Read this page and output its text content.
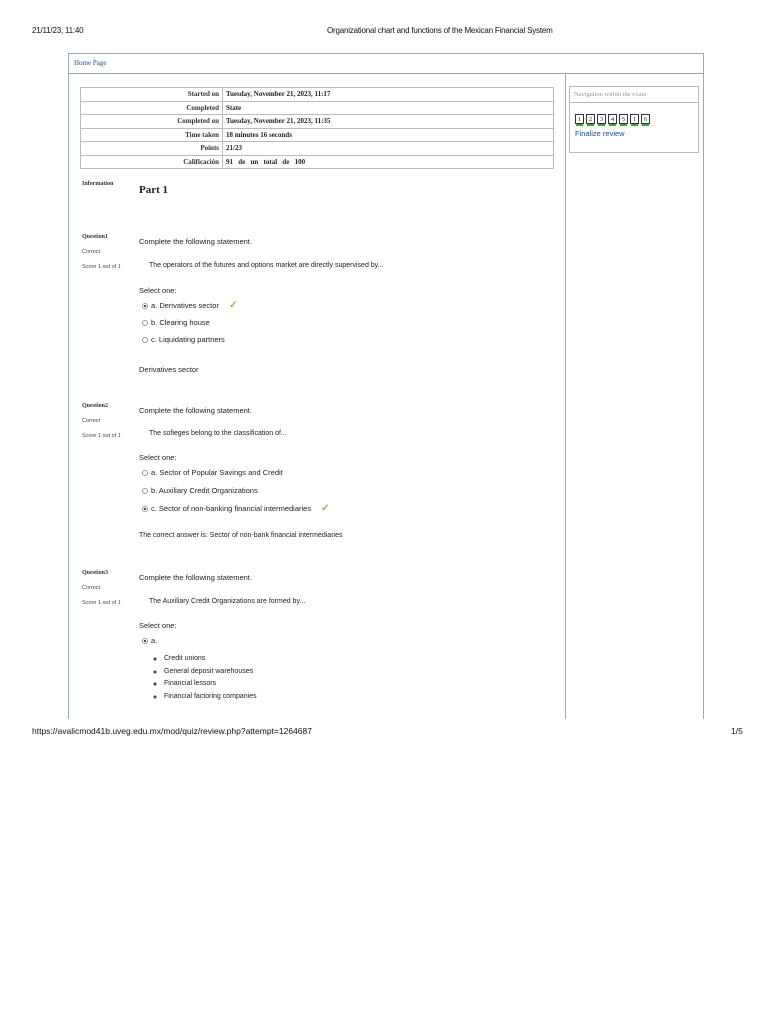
21/11/23, 11:40	Organizational chart and functions of the Mexican Financial System
Home Page
Started on	Tuesday, November 21, 2023, 11:17
Completed	State
Completed on	Tuesday, November 21, 2023, 11:35
Time taken	18 minutes 16 seconds
Points	21/23
Calificación	91   de   un   total   de   100
Navigation within the exam
1	2	3	4	5	1	6
Finalize review
Information Part 1
Question1
Correct
Score 1 out of 1
Complete the following statement.
The operators of the futures and options market are directly supervised by...
Select one:
a. Derivatives sector ✓
b. Clearing house
c. Liquidating partners
Derivatives sector
Question2
Correct
Score 1 out of 1
Complete the following statement.
The sofieges belong to the classification of...
Select one:
a. Sector of Popular Savings and Credit
b. Auxiliary Credit Organizations
c. Sector of non-banking financial intermediaries ✓
The correct answer is: Sector of non-bank financial intermediaries
Question3
Correct
Score 1 out of 1
Complete the following statement.
The Auxiliary Credit Organizations are formed by...
Select one:
a.
◦ Credit unions
◦ General deposit warehouses
◦ Financial lessors
◦ Financial factoring companies
https://avalicmod41b.uveg.edu.mx/mod/quiz/review.php?attempt=1264687	1/5
